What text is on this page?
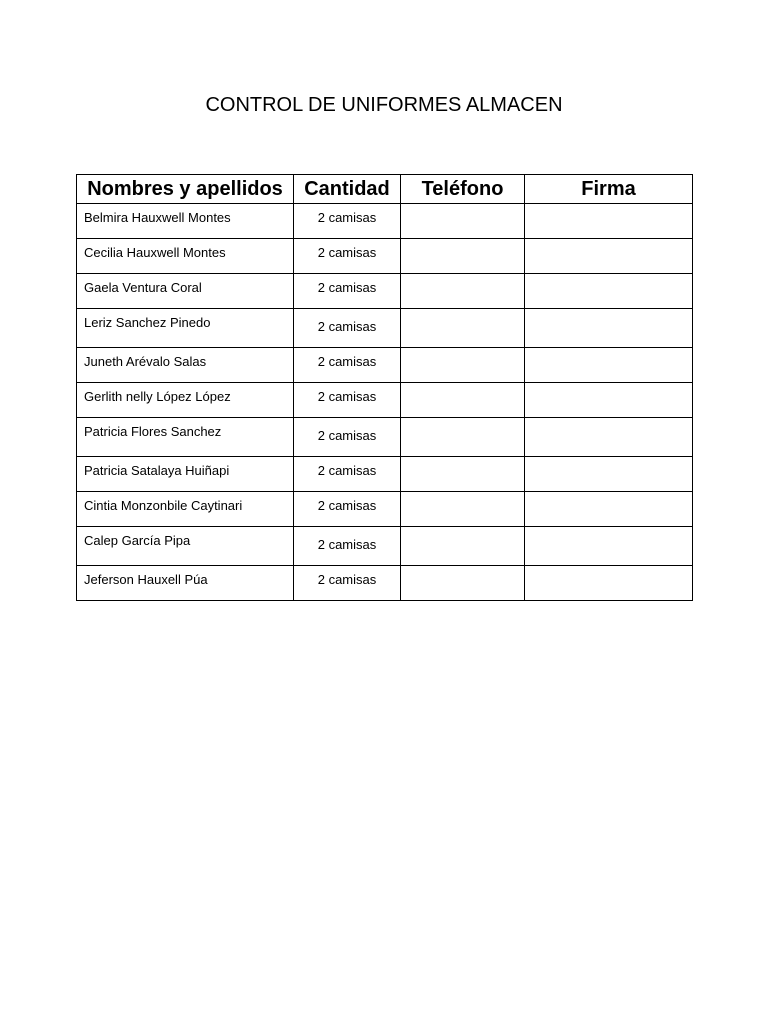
CONTROL DE UNIFORMES ALMACEN
Nombres y apellidos	Cantidad	Teléfono	Firma
Belmira Hauxwell Montes	2 camisas		
Cecilia Hauxwell Montes	2 camisas		
Gaela Ventura Coral	2 camisas		
Leriz Sanchez Pinedo	2 camisas		
Juneth Arévalo Salas	2 camisas		
Gerlith nelly López López	2 camisas		
Patricia Flores Sanchez	2 camisas		
Patricia Satalaya Huiñapi	2 camisas		
Cintia Monzonbile Caytinari	2 camisas		
Calep García Pipa	2 camisas		
Jeferson Hauxell Púa	2 camisas		
